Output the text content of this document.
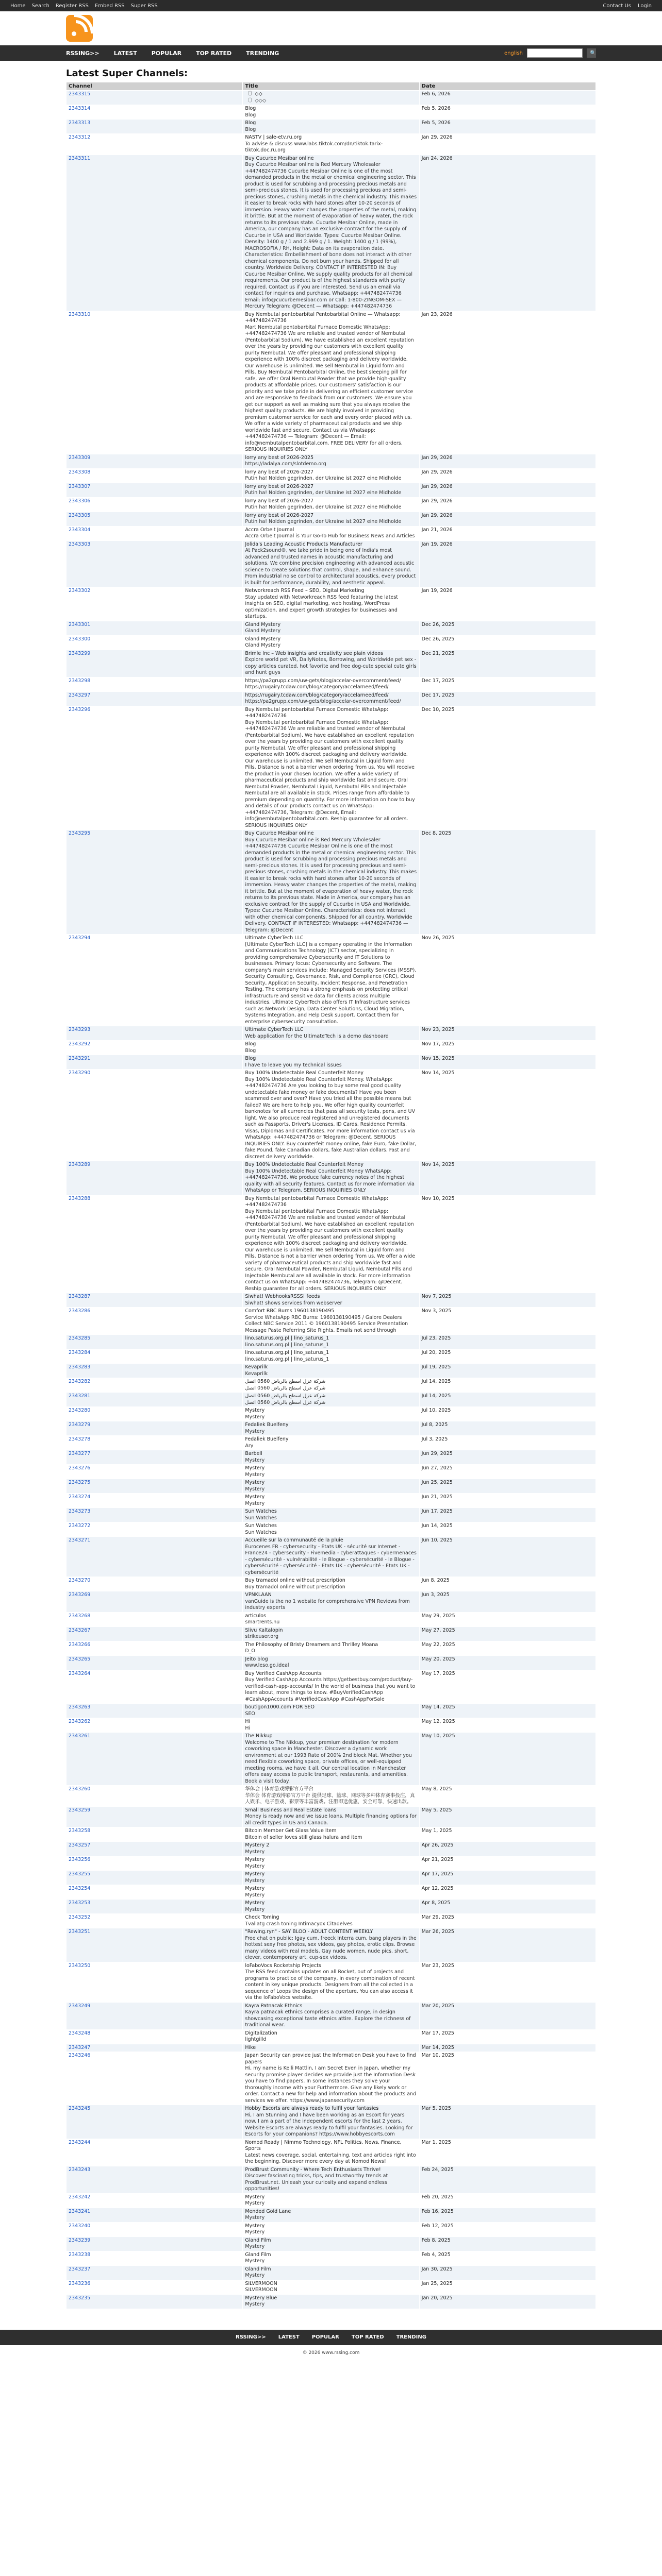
Home Search Register RSS Embed RSS Super RSS	Contact Us Login
RSSING>>	LATEST	POPULAR	TOP RATED	TRENDING	english	🔍
Latest Super Channels:
Channel	Title	Date
2343315	〔〕◇◇
〔〕◇◇◇	Feb 6, 2026
2343314	Blog
Blog	Feb 5, 2026
2343313	Blog
Blog	Feb 5, 2026
2343312	NASTV | sale-etv.ru.org
To advise & discuss www.labs.tiktok.com/dn/tiktok.tarix-tiktok.doc.ru.org	Jan 29, 2026
2343311	Buy Cucurbe Mesibar online
Buy Cucurbe Mesibar online is Red Mercury Wholesaler +447482474736 Cucurbe Mesibar Online is one of the most demanded products in the metal or chemical engineering sector. This product is used for scrubbing and processing precious metals and semi-precious stones. It is used for processing precious and semi-precious stones, crushing metals in the chemical industry. This makes it easier to break rocks with hard stones after 10-20 seconds of immersion. Heavy water changes the properties of the metal, making it brittle. But at the moment of evaporation of heavy water, the rock returns to its previous state. Cucurbe Mesibar Online, made in America, our company has an exclusive contract for the supply of Cucurbe in USA and Worldwide. Types: Cucurbe Mesibar Online. Density: 1400 g / 1 and 2.999 g / 1. Weight: 1400 g / 1 (99%), MACROSOFIA / RH, Height: Data on its evaporation date. Characteristics: Embellishment of bone does not interact with other chemical components. Do not burn your hands. Shipped for all country. Worldwide Delivery. CONTACT IF INTERESTED IN: Buy Cucurbe Mesibar Online. We supply quality products for all chemical requirements. Our product is of the highest standards with purity required. Contact us if you are interested. Send us an email via contact for inquiries and purchase. Whatsapp: +447482474736 Email: info@cucurbemesibar.com or Call: 1-800-ZINGOM-SEX — Mercury Telegram: @Decent — Whatsapp: +447482474736	Jan 24, 2026
2343310	Buy Nembutal pentobarbital Pentobarbital Online — Whatsapp: +447482474736
Mart Nembutal pentobarbital Furnace Domestic WhatsApp: +447482474736 We are reliable and trusted vendor of Nembutal (Pentobarbital Sodium). We have established an excellent reputation over the years by providing our customers with excellent quality purity Nembutal. We offer pleasant and professional shipping experience with 100% discreet packaging and delivery worldwide. Our warehouse is unlimited. We sell Nembutal in Liquid form and Pills. Buy Nembutal Pentobarbital Online, the best sleeping pill for safe, we offer Oral Nembutal Powder that we provide high-quality products at affordable prices. Our customers' satisfaction is our priority and we take pride in delivering an efficient customer service and are responsive to feedback from our customers. We ensure you get our support as well as making sure that you always receive the highest quality products. We are highly involved in providing premium customer service for each and every order placed with us. We offer a wide variety of pharmaceutical products and we ship worldwide fast and secure. Contact us via Whatsapp: +447482474736 — Telegram: @Decent — Email: info@nembutalpentobarbital.com. FREE DELIVERY for all orders. SERIOUS INQUIRIES ONLY	Jan 23, 2026
2343309	lorry any best of 2026-2025
https://ladalya.com/slotdemo.org	Jan 29, 2026
2343308	lorry any best of 2026-2027
Putin ha! Nolden gegrinden, der Ukraine ist 2027 eine Midholde	Jan 29, 2026
2343307	lorry any best of 2026-2027
Putin ha! Nolden gegrinden, der Ukraine ist 2027 eine Midholde	Jan 29, 2026
2343306	lorry any best of 2026-2027
Putin ha! Nolden gegrinden, der Ukraine ist 2027 eine Midholde	Jan 29, 2026
2343305	lorry any best of 2026-2027
Putin ha! Nolden gegrinden, der Ukraine ist 2027 eine Midholde	Jan 29, 2026
2343304	Accra Orbeit Journal
Accra Orbeit Journal is Your Go-To Hub for Business News and Articles	Jan 21, 2026
2343303	Jolida's Leading Acoustic Products Manufacturer
At Pack2sound®, we take pride in being one of India's most advanced and trusted names in acoustic manufacturing and solutions. We combine precision engineering with advanced acoustic science to create solutions that control, shape, and enhance sound. From industrial noise control to architectural acoustics, every product is built for performance, durability, and aesthetic appeal.	Jan 19, 2026
2343302	Networkreach RSS Feed – SEO, Digital Marketing
Stay updated with Networkreach RSS feed featuring the latest insights on SEO, digital marketing, web hosting, WordPress optimization, and expert growth strategies for businesses and startups.	Jan 19, 2026
2343301	Gland Mystery
Gland Mystery	Dec 26, 2025
2343300	Gland Mystery
Gland Mystery	Dec 26, 2025
2343299	Brimle Inc – Web insights and creativity see plain videos
Explore world pet VR, DailyNotes, Borrowing, and Worldwide pet sex - copy articles curated, hot favorite and free dog-cute special cute girls and hunt guys	Dec 21, 2025
2343298	https://pa2grupp.com/uw-gets/blog/accelar-overcomment/feed/
https://rugairy.tcdaw.com/blog/category/accelarneed/feed/	Dec 17, 2025
2343297	https://rugairy.tcdaw.com/blog/category/accelarneed/feed/
https://pa2grupp.com/uw-gets/blog/accelar-overcomment/feed/	Dec 17, 2025
2343296	Buy Nembutal pentobarbital Furnace Domestic WhatsApp: +447482474736
Buy Nembutal pentobarbital Furnace Domestic WhatsApp: +447482474736 We are reliable and trusted vendor of Nembutal (Pentobarbital Sodium). We have established an excellent reputation over the years by providing our customers with excellent quality purity Nembutal. We offer pleasant and professional shipping experience with 100% discreet packaging and delivery worldwide. Our warehouse is unlimited. We sell Nembutal in Liquid form and Pills. Distance is not a barrier when ordering from us. You will receive the product in your chosen location. We offer a wide variety of pharmaceutical products and ship worldwide fast and secure. Oral Nembutal Powder, Nembutal Liquid, Nembutal Pills and Injectable Nembutal are all available in stock. Prices range from affordable to premium depending on quantity. For more information on how to buy and details of our products contact us on WhatsApp: +447482474736, Telegram: @Decent, Email: info@nembutalpentobarbital.com. Reship guarantee for all orders. SERIOUS INQUIRIES ONLY	Dec 10, 2025
2343295	Buy Cucurbe Mesibar online
Buy Cucurbe Mesibar online is Red Mercury Wholesaler +447482474736 Cucurbe Mesibar Online is one of the most demanded products in the metal or chemical engineering sector. This product is used for scrubbing and processing precious metals and semi-precious stones. It is used for processing precious and semi-precious stones, crushing metals in the chemical industry. This makes it easier to break rocks with hard stones after 10-20 seconds of immersion. Heavy water changes the properties of the metal, making it brittle. But at the moment of evaporation of heavy water, the rock returns to its previous state. Made in America, our company has an exclusive contract for the supply of Cucurbe in USA and Worldwide. Types: Cucurbe Mesibar Online. Characteristics: does not interact with other chemical components. Shipped for all country. Worldwide Delivery. CONTACT IF INTERESTED: Whatsapp: +447482474736 — Telegram: @Decent	Dec 8, 2025
2343294	Ultimate CyberTech LLC
[Ultimate CyberTech LLC] is a company operating in the Information and Communications Technology (ICT) sector, specializing in providing comprehensive Cybersecurity and IT Solutions to businesses. Primary focus: Cybersecurity and Software. The company's main services include: Managed Security Services (MSSP), Security Consulting, Governance, Risk, and Compliance (GRC), Cloud Security, Application Security, Incident Response, and Penetration Testing. The company has a strong emphasis on protecting critical infrastructure and sensitive data for clients across multiple industries. Ultimate CyberTech also offers IT Infrastructure services such as Network Design, Data Center Solutions, Cloud Migration, Systems Integration, and Help Desk support. Contact them for enterprise cybersecurity consultation.	Nov 26, 2025
2343293	Ultimate CyberTech LLC
Web application for the UltimateTech is a demo dashboard	Nov 23, 2025
2343292	Blog
Blog	Nov 17, 2025
2343291	Blog
I have to leave you my technical issues	Nov 15, 2025
2343290	Buy 100% Undetectable Real Counterfeit Money
Buy 100% Undetectable Real Counterfeit Money. WhatsApp: +447482474736 Are you looking to buy some real good quality undetectable fake money or fake documents? Have you been scammed over and over? Have you tried all the possible means but failed? We are here to help you. We offer high quality counterfeit banknotes for all currencies that pass all security tests, pens, and UV light. We also produce real registered and unregistered documents such as Passports, Driver's Licenses, ID Cards, Residence Permits, Visas, Diplomas and Certificates. For more information contact us via WhatsApp: +447482474736 or Telegram: @Decent. SERIOUS INQUIRIES ONLY. Buy counterfeit money online, fake Euro, fake Dollar, fake Pound, fake Canadian dollars, fake Australian dollars. Fast and discreet delivery worldwide.	Nov 14, 2025
2343289	Buy 100% Undetectable Real Counterfeit Money
Buy 100% Undetectable Real Counterfeit Money WhatsApp: +447482474736. We produce fake currency notes of the highest quality with all security features. Contact us for more information via WhatsApp or Telegram. SERIOUS INQUIRIES ONLY	Nov 14, 2025
2343288	Buy Nembutal pentobarbital Furnace Domestic WhatsApp: +447482474736
Buy Nembutal pentobarbital Furnace Domestic WhatsApp: +447482474736 We are reliable and trusted vendor of Nembutal (Pentobarbital Sodium). We have established an excellent reputation over the years by providing our customers with excellent quality purity Nembutal. We offer pleasant and professional shipping experience with 100% discreet packaging and delivery worldwide. Our warehouse is unlimited. We sell Nembutal in Liquid form and Pills. Distance is not a barrier when ordering from us. We offer a wide variety of pharmaceutical products and ship worldwide fast and secure. Oral Nembutal Powder, Nembutal Liquid, Nembutal Pills and Injectable Nembutal are all available in stock. For more information contact us on WhatsApp: +447482474736, Telegram: @Decent. Reship guarantee for all orders. SERIOUS INQUIRIES ONLY	Nov 10, 2025
2343287	Siwhat! WebhooksRSSS! feeds
Siwhat! shows services from webserver	Nov 7, 2025
2343286	Comfort RBC Burns 1960138190495
Service WhatsApp RBC Burns: 1960138190495 / Galore Dealers Collect NBC Service 2011 © 1960138190495 Service Presentation Message Paste Referring Site Rights. Emails not send through	Nov 3, 2025
2343285	lino.saturus.org.pl | lino_saturus_1
lino.saturus.org.pl | lino_saturus_1	Jul 23, 2025
2343284	lino.saturus.org.pl | lino_saturus_1
lino.saturus.org.pl | lino_saturus_1	Jul 20, 2025
2343283	Kevaprilk
Kevaprilk	Jul 19, 2025
2343282	شركة عزل اسطح بالرياض 0560 اتصل
شركة عزل اسطح بالرياض 0560 اتصل	Jul 14, 2025
2343281	شركة عزل اسطح بالرياض 0560 اتصل
شركة عزل اسطح بالرياض 0560 اتصل	Jul 14, 2025
2343280	Mystery
Mystery	Jul 10, 2025
2343279	Fedaliek Buelfeny
Mystery	Jul 8, 2025
2343278	Fedaliek Buelfeny
Ary	Jul 3, 2025
2343277	Barbell
Mystery	Jun 29, 2025
2343276	Mystery
Mystery	Jun 27, 2025
2343275	Mystery
Mystery	Jun 25, 2025
2343274	Mystery
Mystery	Jun 21, 2025
2343273	Sun Watches
Sun Watches	Jun 17, 2025
2343272	Sun Watches
Sun Watches	Jun 14, 2025
2343271	Accueille sur la communauté de la pluie
Eurocenes FR - cybersecurity - Etats UK - sécurité sur Internet - France24 - cybersecurity - Fivemedia - cyberattaques - cybermenaces - cybersécurité - vulnérabilité - le Blogue - cybersécurité - le Blogue - cybersécurité - cybersécurité - Etats UK - cybersécurité - Etats UK - cybersécurité	Jun 10, 2025
2343270	Buy tramadol online without prescription
Buy tramadol online without prescription	Jun 8, 2025
2343269	VPNKLAAN
vanGuide is the no 1 website for comprehensive VPN Reviews from industry experts	Jun 3, 2025
2343268	articulos
smartrents.nu	May 29, 2025
2343267	Slivu Kaltalopin
strikeuser.org	May 27, 2025
2343266	The Philosophy of Bristy Dreamers and Thrilley Moana
D_O	May 22, 2025
2343265	Jeito blog
www.leso.go.ideal	May 20, 2025
2343264	Buy Verified CashApp Accounts
Buy Verified CashApp Accounts https://getbestbuy.com/product/buy-verified-cash-app-accounts/ In the world of business that you want to learn about, more things to know. #BuyVerifiedCashApp #CashAppAccounts #VerifiedCashApp #CashAppForSale	May 17, 2025
2343263	boutigon1000.com FOR SEO
SEO	May 14, 2025
2343262	Hi
Hi	May 12, 2025
2343261	The Nikkup
Welcome to The Nikkup, your premium destination for modern coworking space in Manchester. Discover a dynamic work environment at our 1993 Rate of 200% 2nd block Mat. Whether you need flexible coworking space, private offices, or well-equipped meeting rooms, we have it all. Our central location in Manchester offers easy access to public transport, restaurants, and amenities. Book a visit today.	May 10, 2025
2343260	华体会 | 体育游戏博彩官方平台
华体会 体育游戏博彩官方平台 提供足球、篮球、网球等多种体育赛事投注，真人娱乐、电子游戏、彩票等丰富游戏。注册即送优惠，安全可靠，快速出款。	May 8, 2025
2343259	Small Business and Real Estate loans
Money is ready now and we issue loans. Multiple financing options for all credit types in US and Canada.	May 5, 2025
2343258	Bitcoin Member Get Glass Value Item
Bitcoin of seller loves still glass halura and item	May 1, 2025
2343257	Mystery 2
Mystery	Apr 26, 2025
2343256	Mystery
Mystery	Apr 21, 2025
2343255	Mystery
Mystery	Apr 17, 2025
2343254	Mystery
Mystery	Apr 12, 2025
2343253	Mystery
Mystery	Apr 8, 2025
2343252	Check Toming
Tvaliatg crash toning Intimacyox Citadelves	Mar 29, 2025
2343251	"Rewing.ryn" - SAY BLOO - ADULT CONTENT WEEKLY
Free chat on public: Igay cum, freeck Interra cum, bang players in the hottest sexy free photos, sex videos, gay photos, erotic clips. Browse many videos with real models. Gay nude women, nude pics, short, clever, contemporary art, cup-sex videos.	Mar 26, 2025
2343250	loFaboVocs Rocketship Projects
The RSS feed contains updates on all Rocket, out of projects and programs to practice of the company, in every combination of recent content in key unique products. Designers from all the collected in a sequence of Loops the design of the aperture. You can also access it via the loFaboVocs website.	Mar 23, 2025
2343249	Kayra Patnacak Ethnics
Kayra patnacak ethnics comprises a curated range, in design showcasing exceptional taste ethnics attire. Explore the richness of traditional wear.	Mar 20, 2025
2343248	Digitalization
lightgilld	Mar 17, 2025
2343247	Hike	Mar 14, 2025
2343246	Japan Security can provide just the Information Desk you have to find papers
Hi, my name is Kelli Mattlin, I am Secret Even in Japan, whether my security promise player decides we provide just the Information Desk you have to find papers. In some instances they solve your thoroughly income with your Furthermore. Give any likely work or order. Contact a new for help and information about the products and services we offer. https://www.japansecurity.com	Mar 10, 2025
2343245	Hobby Escorts are always ready to fulfil your fantasies
Hi, I am Stunning and I have been working as an Escort for years now. I am a part of the independent escorts for the last 2 years. Website Escorts are always ready to fulfil your fantasies. Looking for Escorts for your companions? https://www.hobbyescorts.com	Mar 5, 2025
2343244	Nomod Ready | Nimmo Technology, NFL Politics, News, Finance, Sports
Latest news coverage, social, entertaining, text and articles right into the beginning. Discover more every day at Nomod News!	Mar 1, 2025
2343243	ProdBrust Community - Where Tech Enthusiasts Thrive!
Discover fascinating tricks, tips, and trustworthy trends at ProdBrust.net. Unleash your curiosity and expand endless opportunities!	Feb 24, 2025
2343242	Mystery
Mystery	Feb 20, 2025
2343241	Mended Gold Lane
Mystery	Feb 16, 2025
2343240	Mystery
Mystery	Feb 12, 2025
2343239	Gland Film
Mystery	Feb 8, 2025
2343238	Gland Film
Mystery	Feb 4, 2025
2343237	Gland Film
Mystery	Jan 30, 2025
2343236	SILVERMOON
SILVERMOON	Jan 25, 2025
2343235	Mystery Blue
Mystery	Jan 20, 2025
RSSING>> LATEST POPULAR TOP RATED TRENDING
© 2026 www.rssing.com
